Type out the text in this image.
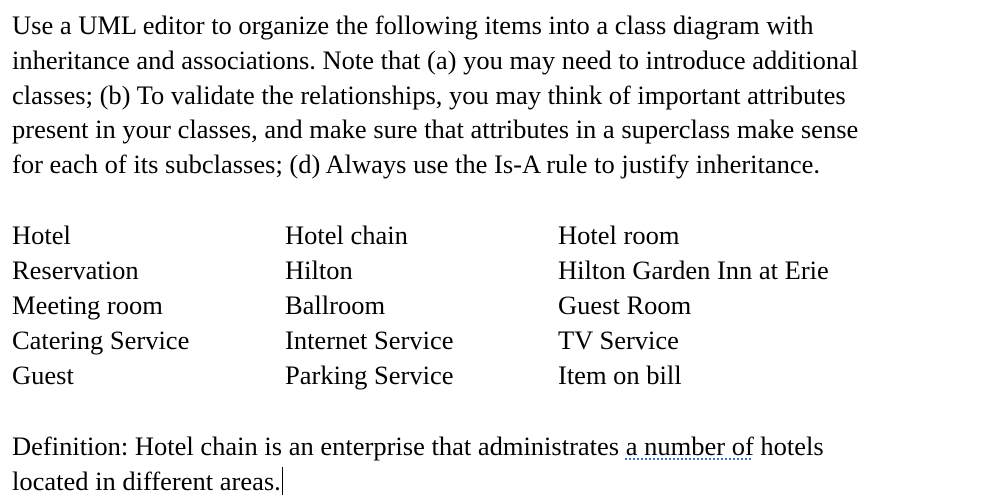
Use a UML editor to organize the following items into a class diagram with
inheritance and associations. Note that (a) you may need to introduce additional
classes; (b) To validate the relationships, you may think of important attributes
present in your classes, and make sure that attributes in a superclass make sense
for each of its subclasses; (d) Always use the Is-A rule to justify inheritance.
Hotel	Hotel chain	Hotel room
Reservation	Hilton	Hilton Garden Inn at Erie
Meeting room	Ballroom	Guest Room
Catering Service	Internet Service	TV Service
Guest	Parking Service	Item on bill
Definition: Hotel chain is an enterprise that administrates a number of hotels
located in different areas.
